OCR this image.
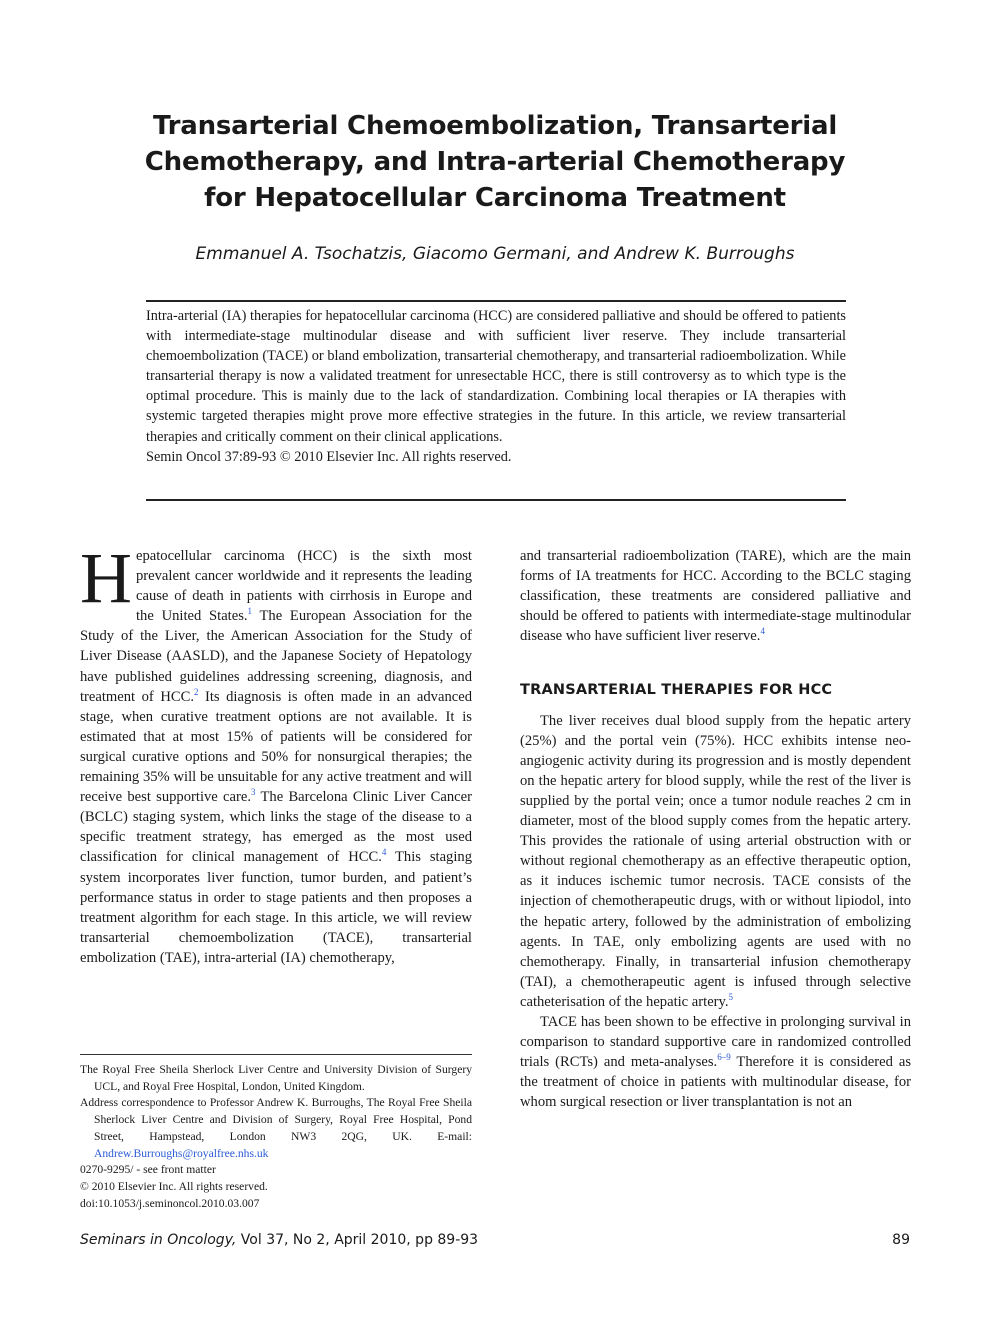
Transarterial Chemoembolization, Transarterial
Chemotherapy, and Intra-arterial Chemotherapy
for Hepatocellular Carcinoma Treatment

Emmanuel A. Tsochatzis, Giacomo Germani, and Andrew K. Burroughs

Intra-arterial (IA) therapies for hepatocellular carcinoma (HCC) are considered palliative and should be offered to patients with intermediate-stage multinodular disease and with sufficient liver reserve. They include transarterial chemoembolization (TACE) or bland embolization, transarterial chemotherapy, and transarterial radioembolization. While transarterial therapy is now a validated treatment for unresectable HCC, there is still controversy as to which type is the optimal procedure. This is mainly due to the lack of standardization. Combining local therapies or IA therapies with systemic targeted therapies might prove more effective strategies in the future. In this article, we review transarterial therapies and critically comment on their clinical applications.

Semin Oncol 37:89-93 © 2010 Elsevier Inc. All rights reserved.

Hepatocellular carcinoma (HCC) is the sixth most prevalent cancer worldwide and it represents the leading cause of death in patients with cirrhosis in Europe and the United States.$^1$ The European Association for the Study of the Liver, the American Association for the Study of Liver Disease (AASLD), and the Japanese Society of Hepatology have published guidelines addressing screening, diagnosis, and treatment of HCC.$^2$ Its diagnosis is often made in an advanced stage, when curative treatment options are not available. It is estimated that at most 15% of patients will be considered for surgical curative options and 50% for nonsurgical therapies; the remaining 35% will be unsuitable for any active treatment and will receive best supportive care.$^3$ The Barcelona Clinic Liver Cancer (BCLC) staging system, which links the stage of the disease to a specific treatment strategy, has emerged as the most used classification for clinical management of HCC.$^4$ This staging system incorporates liver function, tumor burden, and patient’s performance status in order to stage patients and then proposes a treatment algorithm for each stage. In this article, we will review transarterial chemoembolization (TACE), transarterial embolization (TAE), intra-arterial (IA) chemotherapy,

and transarterial radioembolization (TARE), which are the main forms of IA treatments for HCC. According to the BCLC staging classification, these treatments are considered palliative and should be offered to patients with intermediate-stage multinodular disease who have sufficient liver reserve.$^4$

TRANSARTERIAL THERAPIES FOR HCC

The liver receives dual blood supply from the hepatic artery (25%) and the portal vein (75%). HCC exhibits intense neo-angiogenic activity during its progression and is mostly dependent on the hepatic artery for blood supply, while the rest of the liver is supplied by the portal vein; once a tumor nodule reaches 2 cm in diameter, most of the blood supply comes from the hepatic artery. This provides the rationale of using arterial obstruction with or without regional chemotherapy as an effective therapeutic option, as it induces ischemic tumor necrosis. TACE consists of the injection of chemotherapeutic drugs, with or without lipiodol, into the hepatic artery, followed by the administration of embolizing agents. In TAE, only embolizing agents are used with no chemotherapy. Finally, in transarterial infusion chemotherapy (TAI), a chemotherapeutic agent is infused through selective catheterisation of the hepatic artery.$^5$

TACE has been shown to be effective in prolonging survival in comparison to standard supportive care in randomized controlled trials (RCTs) and meta-analyses.$^{6-9}$ Therefore it is considered as the treatment of choice in patients with multinodular disease, for whom surgical resection or liver transplantation is not an

The Royal Free Sheila Sherlock Liver Centre and University Division of Surgery UCL, and Royal Free Hospital, London, United Kingdom.

Address correspondence to Professor Andrew K. Burroughs, The Royal Free Sheila Sherlock Liver Centre and Division of Surgery, Royal Free Hospital, Pond Street, Hampstead, London NW3 2QG, UK. E-mail: Andrew.Burroughs@royalfree.nhs.uk

0270-9295/ - see front matter

© 2010 Elsevier Inc. All rights reserved.

doi:10.1053/j.seminoncol.2010.03.007

Seminars in Oncology, Vol 37, No 2, April 2010, pp 89-93	89
